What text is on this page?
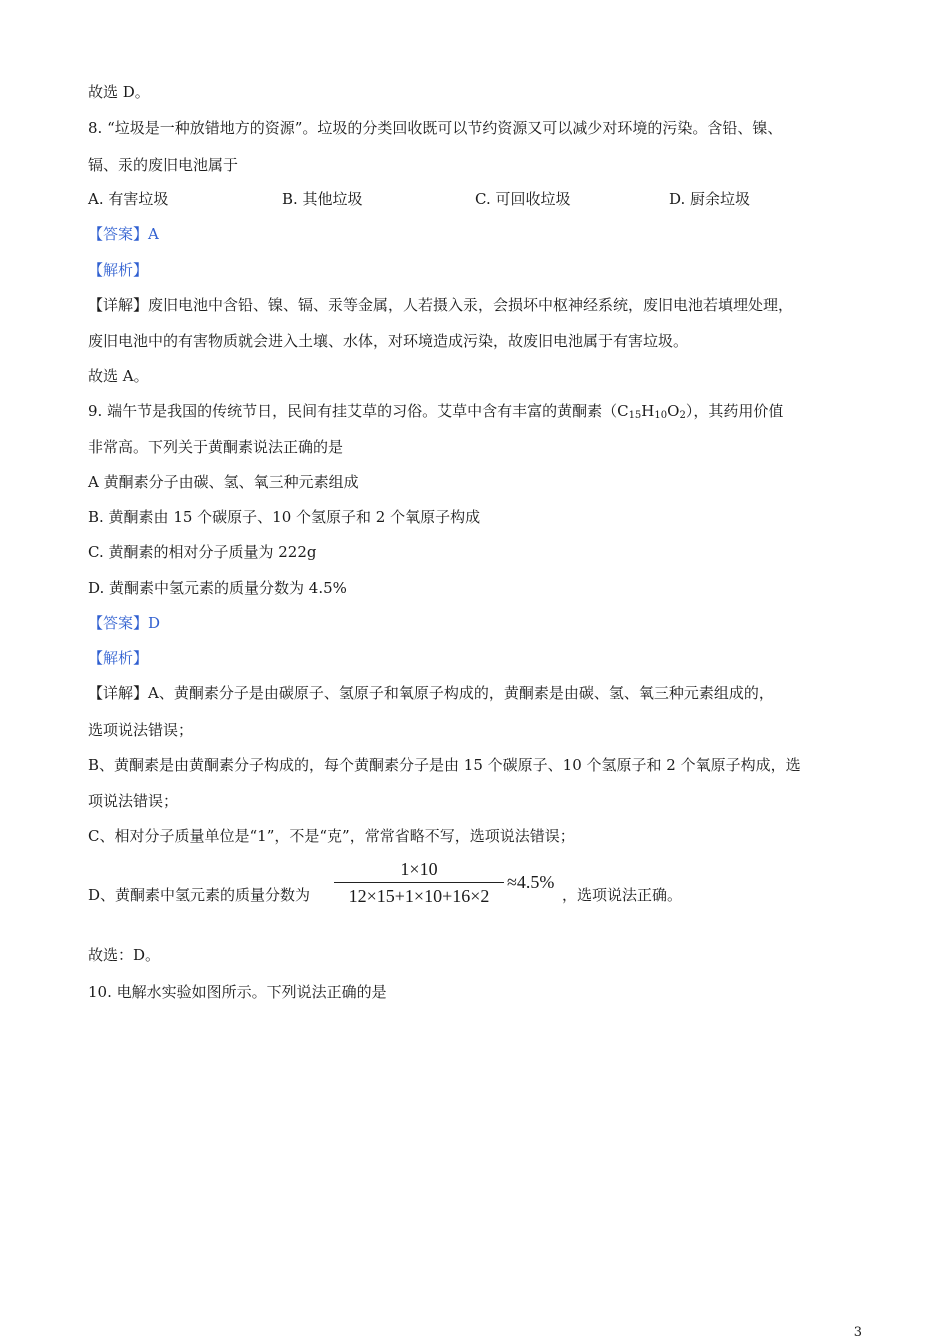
故选 D。
8. “垃圾是一种放错地方的资源”。垃圾的分类回收既可以节约资源又可以减少对环境的污染。含铅、镍、
镉、汞的废旧电池属于
A. 有害垃圾	B. 其他垃圾	C. 可回收垃圾	D. 厨余垃圾
【答案】A
【解析】
【详解】废旧电池中含铅、镍、镉、汞等金属，人若摄入汞，会损坏中枢神经系统，废旧电池若填埋处理，
废旧电池中的有害物质就会进入土壤、水体，对环境造成污染，故废旧电池属于有害垃圾。
故选 A。
9. 端午节是我国的传统节日，民间有挂艾草的习俗。艾草中含有丰富的黄酮素$(C_{15}H_{10}O_2)$，其药用价值
非常高。下列关于黄酮素说法正确的是
A 黄酮素分子由碳、氢、氧三种元素组成
B. 黄酮素由 15 个碳原子、10 个氢原子和 2 个氧原子构成
C. 黄酮素的相对分子质量为 222g
D. 黄酮素中氢元素的质量分数为 4.5%
【答案】D
【解析】
【详解】A、黄酮素分子是由碳原子、氢原子和氧原子构成的，黄酮素是由碳、氢、氧三种元素组成的，
选项说法错误；
B、黄酮素是由黄酮素分子构成的，每个黄酮素分子是由 15 个碳原子、10 个氢原子和 2 个氧原子构成，选
项说法错误；
C、相对分子质量单位是“1”，不是“克”，常常省略不写，选项说法错误；
D、黄酮素中氢元素的质量分数为
1×10
12×15+1×10+16×2
≈4.5%
，选项说法正确。
故选：D。
10. 电解水实验如图所示。下列说法正确的是
3
